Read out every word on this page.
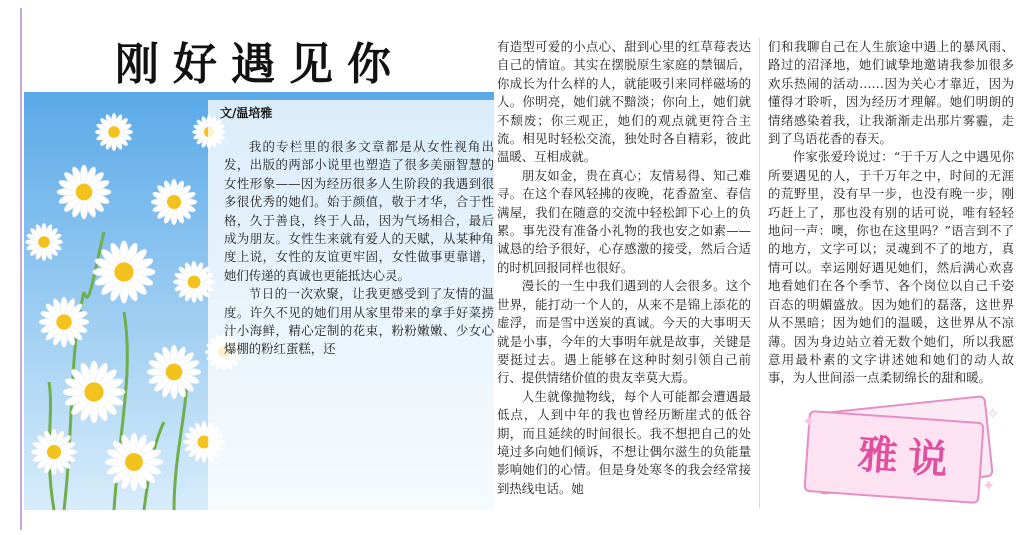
刚好遇见你
文/温培雅

我的专栏里的很多文章都是从女性视角出发，出版的两部小说里也塑造了很多美丽智慧的女性形象——因为经历很多人生阶段的我遇到很多很优秀的她们。始于颜值，敬于才华，合于性格，久于善良，终于人品，因为气场相合，最后成为朋友。女性生来就有爱人的天赋，从某种角度上说，女性的友谊更牢固，女性做事更靠谱，她们传递的真诚也更能抵达心灵。

节日的一次欢聚，让我更感受到了友情的温度。许久不见的她们用从家里带来的拿手好菜捞汁小海鲜，精心定制的花束，粉粉嫩嫩、少女心爆棚的粉红蛋糕，还

有造型可爱的小点心、甜到心里的红草莓表达自己的情谊。其实在摆脱原生家庭的禁锢后，你成长为什么样的人，就能吸引来同样磁场的人。你明亮，她们就不黯淡；你向上，她们就不颓废；你三观正，她们的观点就更符合主流。相见时轻松交流，独处时各自精彩，彼此温暖、互相成就。

朋友如金，贵在真心；友情易得、知己难寻。在这个春风轻拂的夜晚，花香盈室、春信满屋，我们在随意的交流中轻松卸下心上的负累。事先没有准备小礼物的我也安之如素——诚恳的给予很好，心存感激的接受，然后合适的时机回报同样也很好。

漫长的一生中我们遇到的人会很多。这个世界，能打动一个人的，从来不是锦上添花的虚浮，而是雪中送炭的真诚。今天的大事明天就是小事，今年的大事明年就是故事，关键是要挺过去。遇上能够在这种时刻引领自己前行、提供情绪价值的贵友幸莫大焉。

人生就像抛物线，每个人可能都会遭遇最低点，人到中年的我也曾经历断崖式的低谷期，而且延续的时间很长。我不想把自己的处境过多向她们倾诉，不想让偶尔滋生的负能量影响她们的心情。但是身处寒冬的我会经常接到热线电话。她

们和我聊自己在人生旅途中遇上的暴风雨、路过的沼泽地，她们诚挚地邀请我参加很多欢乐热闹的活动……因为关心才靠近，因为懂得才聆听，因为经历才理解。她们明朗的情绪感染着我，让我渐渐走出那片雾霾，走到了鸟语花香的春天。

作家张爱玲说过：“于千万人之中遇见你所要遇见的人，于千万年之中，时间的无涯的荒野里，没有早一步，也没有晚一步，刚巧赶上了，那也没有别的话可说，唯有轻轻地问一声：噢，你也在这里吗？”语言到不了的地方，文字可以；灵魂到不了的地方，真情可以。幸运刚好遇见她们，然后满心欢喜地看她们在各个季节、各个岗位以自己千姿百态的明媚盛放。因为她们的磊落，这世界从不黑暗；因为她们的温暖，这世界从不凉薄。因为身边站立着无数个她们，所以我愿意用最朴素的文字讲述她和她们的动人故事，为人世间添一点柔韧绵长的甜和暖。

雅说
✦
✦
✧
